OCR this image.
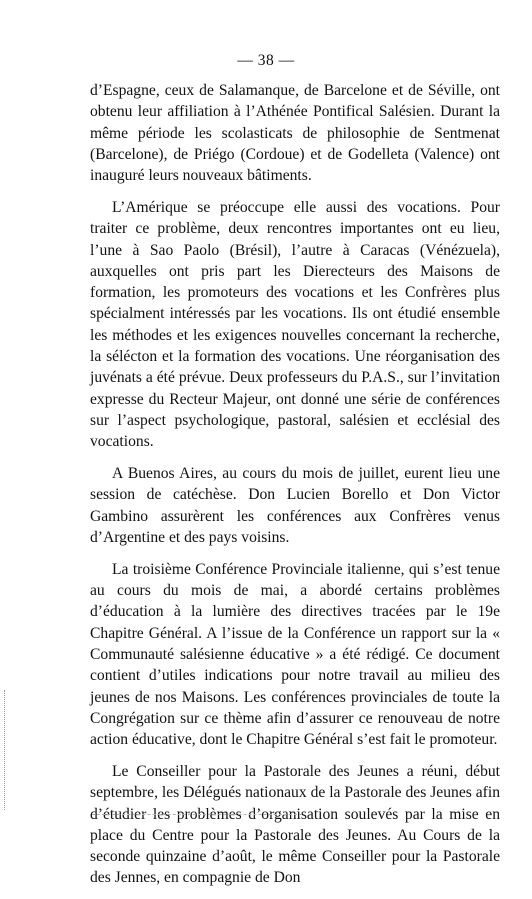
— 38 —

d’Espagne, ceux de Salamanque, de Barcelone et de Séville, ont obtenu leur affiliation à l’Athénée Pontifical Salésien. Durant la même période les scolasticats de philosophie de Sentmenat (Barcelone), de Priégo (Cordoue) et de Godelleta (Valence) ont inauguré leurs nouveaux bâtiments.

L’Amérique se préoccupe elle aussi des vocations. Pour traiter ce problème, deux rencontres importantes ont eu lieu, l’une à Sao Paolo (Brésil), l’autre à Caracas (Vénézuela), auxquelles ont pris part les Dierecteurs des Maisons de formation, les promoteurs des vocations et les Confrères plus spécialment intéressés par les vocations. Ils ont étudié ensemble les méthodes et les exigences nouvelles concernant la recherche, la sélécton et la formation des vocations. Une réorganisation des juvénats a été prévue. Deux professeurs du P.A.S., sur l’invitation expresse du Recteur Majeur, ont donné une série de conférences sur l’aspect psychologique, pastoral, salésien et ecclésial des vocations.

A Buenos Aires, au cours du mois de juillet, eurent lieu une session de catéchèse. Don Lucien Borello et Don Victor Gambino assurèrent les conférences aux Confrères venus d’Argentine et des pays voisins.

La troisième Conférence Provinciale italienne, qui s’est tenue au cours du mois de mai, a abordé certains problèmes d’éducation à la lumière des directives tracées par le 19e Chapitre Général. A l’issue de la Conférence un rapport sur la « Communauté salésienne éducative » a été rédigé. Ce document contient d’utiles indications pour notre travail au milieu des jeunes de nos Maisons. Les conférences provinciales de toute la Congrégation sur ce thème afin d’assurer ce renouveau de notre action éducative, dont le Chapitre Général s’est fait le promoteur.

Le Conseiller pour la Pastorale des Jeunes a réuni, début septembre, les Délégués nationaux de la Pastorale des Jeunes afin d’étudier les problèmes d’organisation soulevés par la mise en place du Centre pour la Pastorale des Jeunes. Au Cours de la seconde quinzaine d’août, le même Conseiller pour la Pastorale des Jennes, en compagnie de Don
